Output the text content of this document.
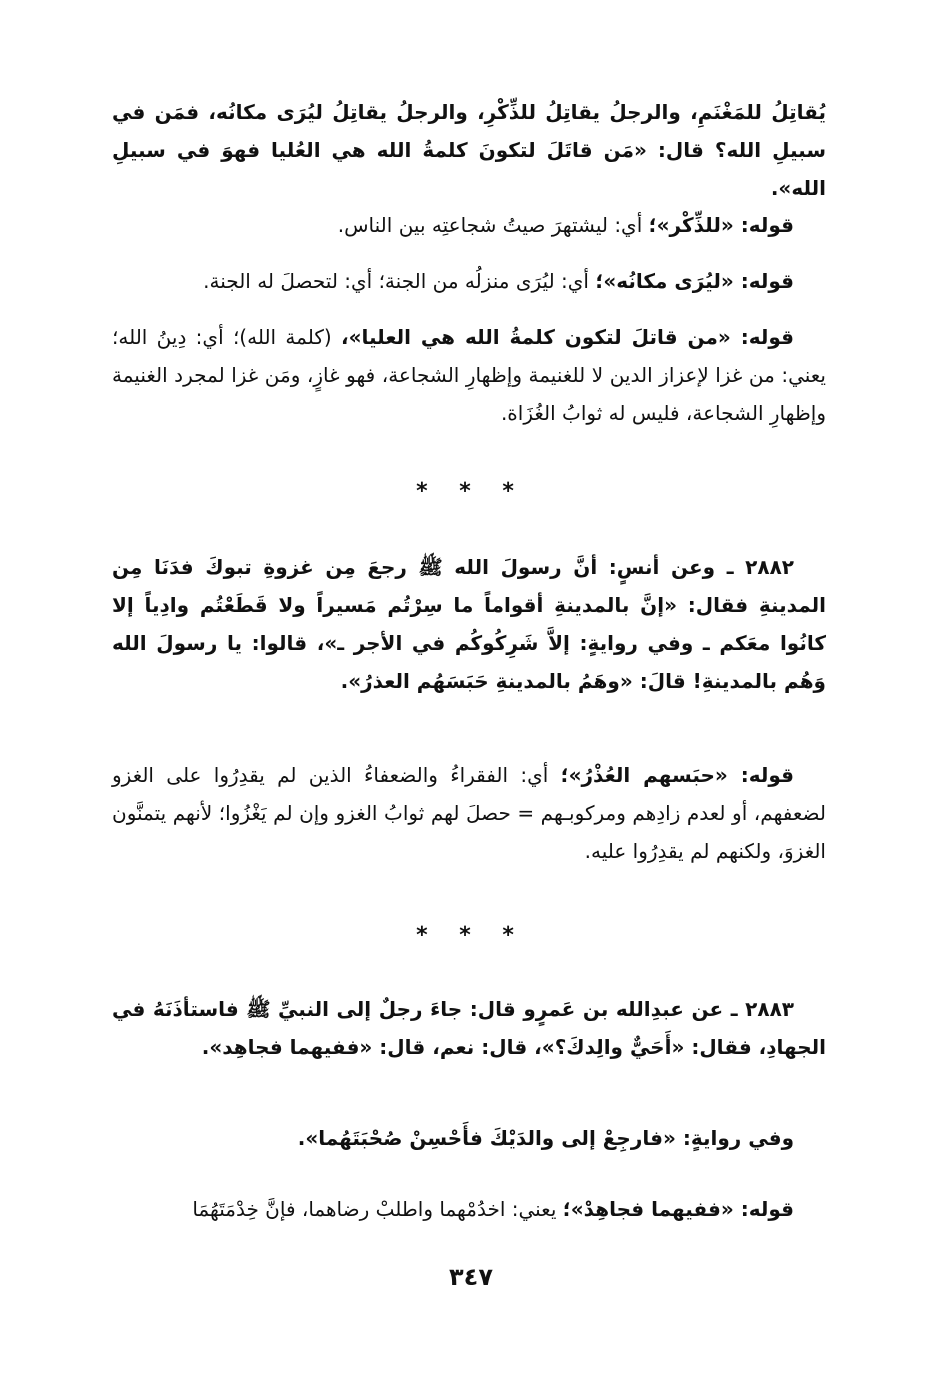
يُقاتِلُ للمَغْنَمِ، والرجلُ يقاتِلُ للذِّكْرِ، والرجلُ يقاتِلُ ليُرَى مكانُه، فمَن في سبيلِ الله؟ قال: «مَن قاتَلَ لتكونَ كلمةُ الله هي العُليا فهوَ في سبيلِ الله».

قوله: «للذِّكْر»؛ أي: ليشتهرَ صيتُ شجاعتِه بين الناس.

قوله: «ليُرَى مكانُه»؛ أي: ليُرَى منزلُه من الجنة؛ أي: لتحصلَ له الجنة.

قوله: «من قاتلَ لتكون كلمةُ الله هي العليا»، (كلمة الله)؛ أي: دِينُ الله؛ يعني: من غزا لإعزاز الدين لا للغنيمة وإظهارِ الشجاعة، فهو غازٍ، ومَن غزا لمجرد الغنيمة وإظهارِ الشجاعة، فليس له ثوابُ الغُزَاة.

* * *

٢٨٨٢ ـ وعن أنسٍ: أنَّ رسولَ الله ﷺ رجعَ مِن غزوةِ تبوكَ فدَنَا مِن المدينةِ فقال: «إنَّ بالمدينةِ أقواماً ما سِرْتُم مَسيراً ولا قَطَعْتُم وادِياً إلا كانُوا معَكم ـ وفي روايةٍ: إلاَّ شَرِكُوكُم في الأجر ـ»، قالوا: يا رسولَ الله وَهُم بالمدينةِ! قالَ: «وهَمُ بالمدينةِ حَبَسَهُم العذرُ».

قوله: «حبَسهم العُذْرُ»؛ أي: الفقراءُ والضعفاءُ الذين لم يقدِرُوا على الغزو لضعفهم، أو لعدم زادِهم ومركوبـهم = حصلَ لهم ثوابُ الغزو وإن لم يَغْزُوا؛ لأنهم يتمنَّون الغزوَ، ولكنهم لم يقدِرُوا عليه.

* * *

٢٨٨٣ ـ عن عبدِالله بن عَمرٍو قال: جاءَ رجلٌ إلى النبيِّ ﷺ فاستأذَنَهُ في الجهادِ، فقال: «أَحَيٌّ والِدكَ؟»، قال: نعم، قال: «ففيهما فجاهِد».

وفي روايةٍ: «فارجِعْ إلى والدَيْكَ فأَحْسِنْ صُحْبَتَهُما».

قوله: «ففيهما فجاهِدْ»؛ يعني: اخدُمْهما واطلبْ رضاهما، فإنَّ خِدْمَتَهُمَا

٣٤٧
